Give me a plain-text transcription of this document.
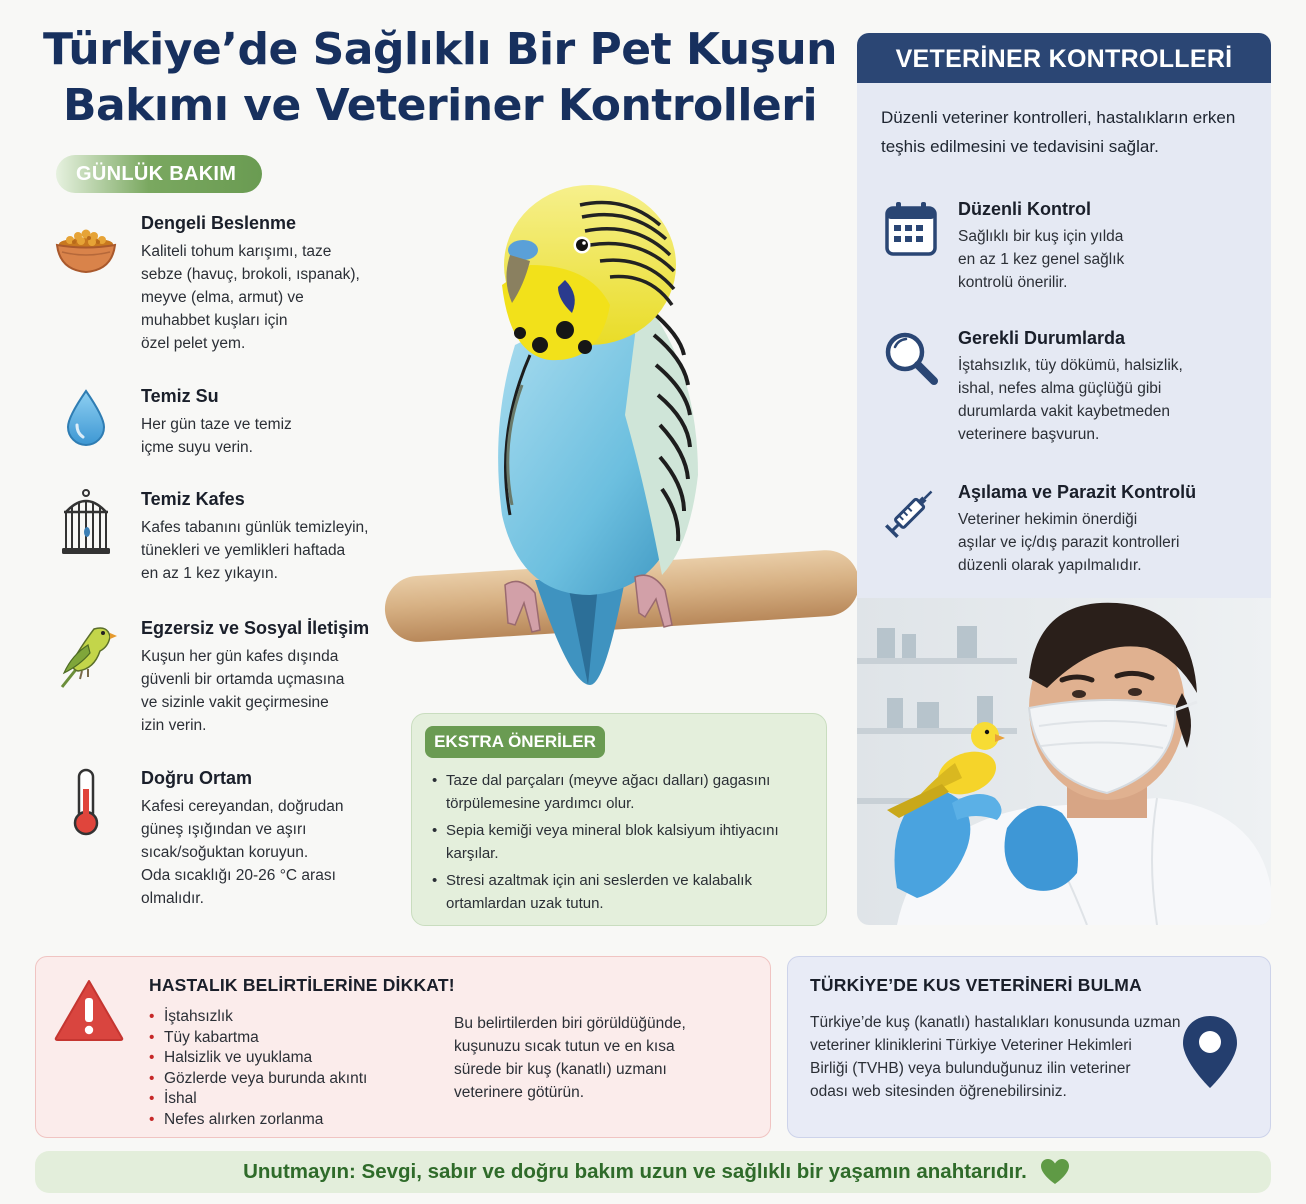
Türkiye’de Sağlıklı Bir Pet Kuşun
Bakımı ve Veteriner Kontrolleri
GÜNLÜK BAKIM
Dengeli Beslenme

Kaliteli tohum karışımı, taze
sebze (havuç, brokoli, ıspanak),
meyve (elma, armut) ve
muhabbet kuşları için
özel pelet yem.

Temiz Su

Her gün taze ve temiz
içme suyu verin.

Temiz Kafes

Kafes tabanını günlük temizleyin,
tünekleri ve yemlikleri haftada
en az 1 kez yıkayın.

Egzersiz ve Sosyal İletişim

Kuşun her gün kafes dışında
güvenli bir ortamda uçmasına
ve sizinle vakit geçirmesine
izin verin.

Doğru Ortam

Kafesi cereyandan, doğrudan
güneş ışığından ve aşırı
sıcak/soğuktan koruyun.
Oda sıcaklığı 20-26 °C arası
olmalıdır.

EKSTRA ÖNERİLER
• Taze dal parçaları (meyve ağacı dalları) gagasını
törpülemesine yardımcı olur.
• Sepia kemiği veya mineral blok kalsiyum ihtiyacını
karşılar.
• Stresi azaltmak için ani seslerden ve kalabalık
ortamlardan uzak tutun.
VETERİNER KONTROLLERİ

Düzenli veteriner kontrolleri, hastalıkların erken
teşhis edilmesini ve tedavisini sağlar.

Düzenli Kontrol

Sağlıklı bir kuş için yılda
en az 1 kez genel sağlık
kontrolü önerilir.

Gerekli Durumlarda

İştahsızlık, tüy dökümü, halsizlik,
ishal, nefes alma güçlüğü gibi
durumlarda vakit kaybetmeden
veterinere başvurun.

Aşılama ve Parazit Kontrolü

Veteriner hekimin önerdiği
aşılar ve iç/dış parazit kontrolleri
düzenli olarak yapılmalıdır.

HASTALIK BELİRTİLERİNE DİKKAT!
• İştahsızlık
• Tüy kabartma
• Halsizlik ve uyuklama
• Gözlerde veya burunda akıntı
• İshal
• Nefes alırken zorlanma

Bu belirtilerden biri görüldüğünde,
kuşunuzu sıcak tutun ve en kısa
sürede bir kuş (kanatlı) uzmanı
veterinere götürün.

TÜRKİYE’DE KUS VETERİNERİ BULMA

Türkiye’de kuş (kanatlı) hastalıkları konusunda uzman
veteriner kliniklerini Türkiye Veteriner Hekimleri
Birliği (TVHB) veya bulunduğunuz ilin veteriner
odası web sitesinden öğrenebilirsiniz.

Unutmayın: Sevgi, sabır ve doğru bakım uzun ve sağlıklı bir yaşamın anahtarıdır.
